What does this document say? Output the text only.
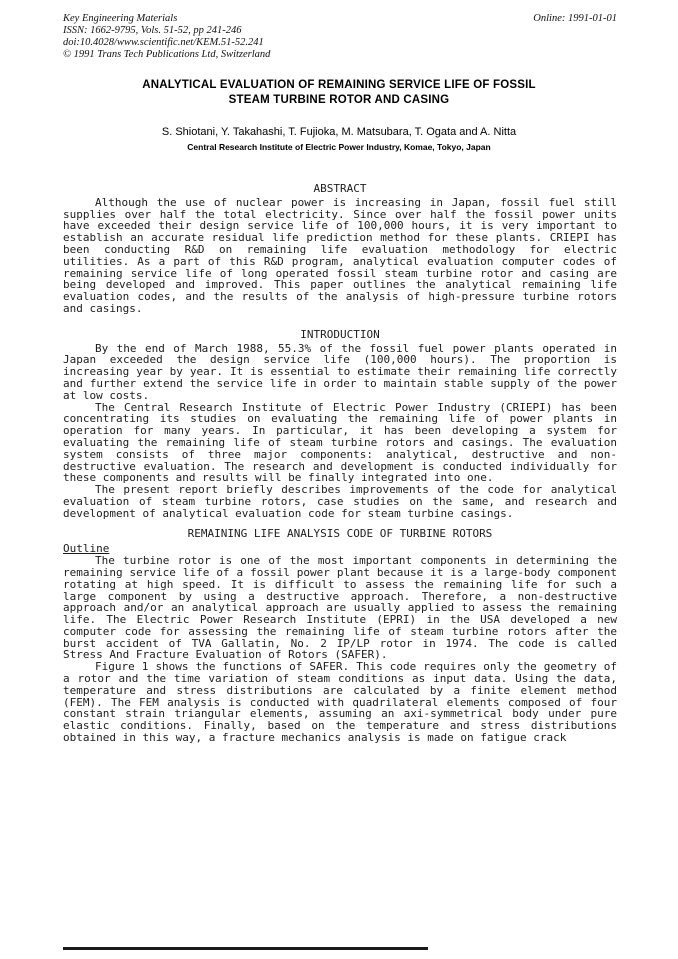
Key Engineering Materials
ISSN: 1662-9795, Vols. 51-52, pp 241-246
doi:10.4028/www.scientific.net/KEM.51-52.241
© 1991 Trans Tech Publications Ltd, Switzerland
Online: 1991-01-01
ANALYTICAL EVALUATION OF REMAINING SERVICE LIFE OF FOSSIL
STEAM TURBINE ROTOR AND CASING
S. Shiotani, Y. Takahashi, T. Fujioka, M. Matsubara, T. Ogata and A. Nitta
Central Research Institute of Electric Power Industry, Komae, Tokyo, Japan
ABSTRACT

Although the use of nuclear power is increasing in Japan, fossil fuel still supplies over half the total electricity. Since over half the fossil power units have exceeded their design service life of 100,000 hours, it is very important to establish an accurate residual life prediction method for these plants. CRIEPI has been conducting R&D on remaining life evaluation methodology for electric utilities. As a part of this R&D program, analytical evaluation computer codes of remaining service life of long operated fossil steam turbine rotor and casing are being developed and improved. This paper outlines the analytical remaining life evaluation codes, and the results of the analysis of high-pressure turbine rotors and casings.

INTRODUCTION

By the end of March 1988, 55.3% of the fossil fuel power plants operated in Japan exceeded the design service life (100,000 hours). The proportion is increasing year by year. It is essential to estimate their remaining life correctly and further extend the service life in order to maintain stable supply of the power at low costs.

The Central Research Institute of Electric Power Industry (CRIEPI) has been concentrating its studies on evaluating the remaining life of power plants in operation for many years. In particular, it has been developing a system for evaluating the remaining life of steam turbine rotors and casings. The evaluation system consists of three major components: analytical, destructive and non-destructive evaluation. The research and development is conducted individually for these components and results will be finally integrated into one.

The present report briefly describes improvements of the code for analytical evaluation of steam turbine rotors, case studies on the same, and research and development of analytical evaluation code for steam turbine casings.

REMAINING LIFE ANALYSIS CODE OF TURBINE ROTORS
Outline

The turbine rotor is one of the most important components in determining the remaining service life of a fossil power plant because it is a large-body component rotating at high speed. It is difficult to assess the remaining life for such a large component by using a destructive approach. Therefore, a non-destructive approach and/or an analytical approach are usually applied to assess the remaining life. The Electric Power Research Institute (EPRI) in the USA developed a new computer code for assessing the remaining life of steam turbine rotors after the burst accident of TVA Gallatin, No. 2 IP/LP rotor in 1974. The code is called Stress And Fracture Evaluation of Rotors (SAFER).

Figure 1 shows the functions of SAFER. This code requires only the geometry of a rotor and the time variation of steam conditions as input data. Using the data, temperature and stress distributions are calculated by a finite element method (FEM). The FEM analysis is conducted with quadrilateral elements composed of four constant strain triangular elements, assuming an axi-symmetrical body under pure elastic conditions. Finally, based on the temperature and stress distributions obtained in this way, a fracture mechanics analysis is made on fatigue crack
